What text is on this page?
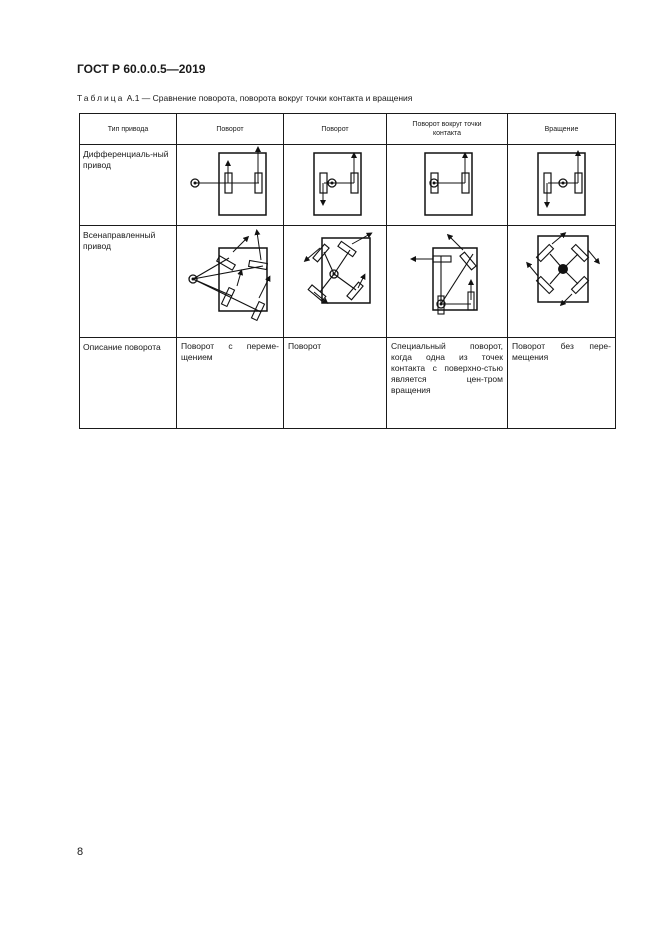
ГОСТ Р 60.0.0.5—2019
Таблица А.1 — Сравнение поворота, поворота вокруг точки контакта и вращения
Тип привода	Поворот	Поворот	Поворот вокруг точки контакта	Вращение
Дифференциаль-ный привод	

Всенаправленный привод	

Описание поворота	Поворот с переме-щением	Поворот	Специальный поворот, когда одна из точек контакта с поверхно-стью является цен-тром вращения	Поворот без пере-мещения
8
